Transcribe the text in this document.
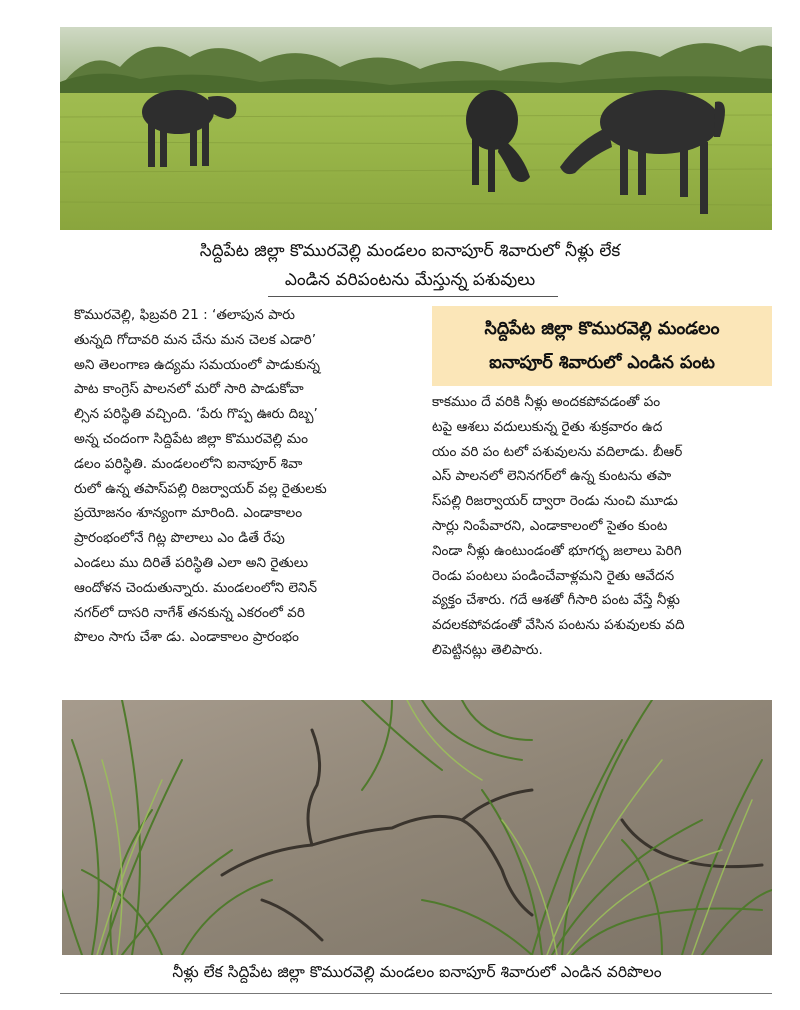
సిద్దిపేట జిల్లా కొమురవెల్లి మండలం ఐనాపూర్‌ శివారులో నీళ్లు లేక
ఎండిన వరిపంటను మేస్తున్న పశువులు
కొమురవెల్లి, ఫిబ్రవరి 21 : ‘తలాపున పారు
తున్నది గోదావరి మన చేను మన చెలక ఎడారి’
అని తెలంగాణ ఉద్యమ సమయంలో పాడుకున్న
పాట కాంగ్రెస్‌ పాలనలో మరో సారి పాడుకోవా
ల్సిన పరిస్థితి వచ్చింది. ‘పేరు గొప్ప ఊరు దిబ్బ’
అన్న చందంగా సిద్దిపేట జిల్లా కొమురవెల్లి మం
డలం పరిస్థితి. మండలంలోని ఐనాపూర్‌ శివా
రులో ఉన్న తపాస్‌పల్లి రిజర్వాయర్‌ వల్ల రైతులకు
ప్రయోజనం శూన్యంగా మారింది. ఎండాకాలం
ప్రారంభంలోనే గిట్ల పొలాలు ఎం డితే రేపు
ఎండలు ము దిరితే పరిస్థితి ఎలా అని రైతులు
ఆందోళన చెందుతున్నారు. మండలంలోని లెనిన్‌
నగర్‌లో దాసరి నాగేశ్‌ తనకున్న ఎకరంలో వరి
పొలం సాగు చేశా డు. ఎండాకాలం ప్రారంభం
సిద్దిపేట జిల్లా కొమురవెల్లి మండలం
ఐనాపూర్‌ శివారులో ఎండిన పంట
కాకముం దే వరికి నీళ్లు అందకపోవడంతో పం
టపై ఆశలు వదులుకున్న రైతు శుక్రవారం ఉద
యం వరి పం టలో పశువులను వదిలాడు. బీఆర్‌
ఎస్‌ పాలనలో లెనినగర్‌లో ఉన్న కుంటను తపా
స్‌పల్లి రిజర్వాయర్‌ ద్వారా రెండు నుంచి మూడు
సార్లు నింపేవారని, ఎండాకాలంలో సైతం కుంట
నిండా నీళ్లు ఉంటుండంతో భూగర్భ జలాలు పెరిగి
రెండు పంటలు పండించేవాళ్లమని రైతు ఆవేదన
వ్యక్తం చేశారు. గదే ఆశతో గీసారి పంట వేస్తే నీళ్లు
వదలకపోవడంతో వేసిన పంటను పశువులకు వది
లిపెట్టినట్లు తెలిపారు.
నీళ్లు లేక సిద్దిపేట జిల్లా కొమురవెల్లి మండలం ఐనాపూర్‌ శివారులో ఎండిన వరిపొలం
